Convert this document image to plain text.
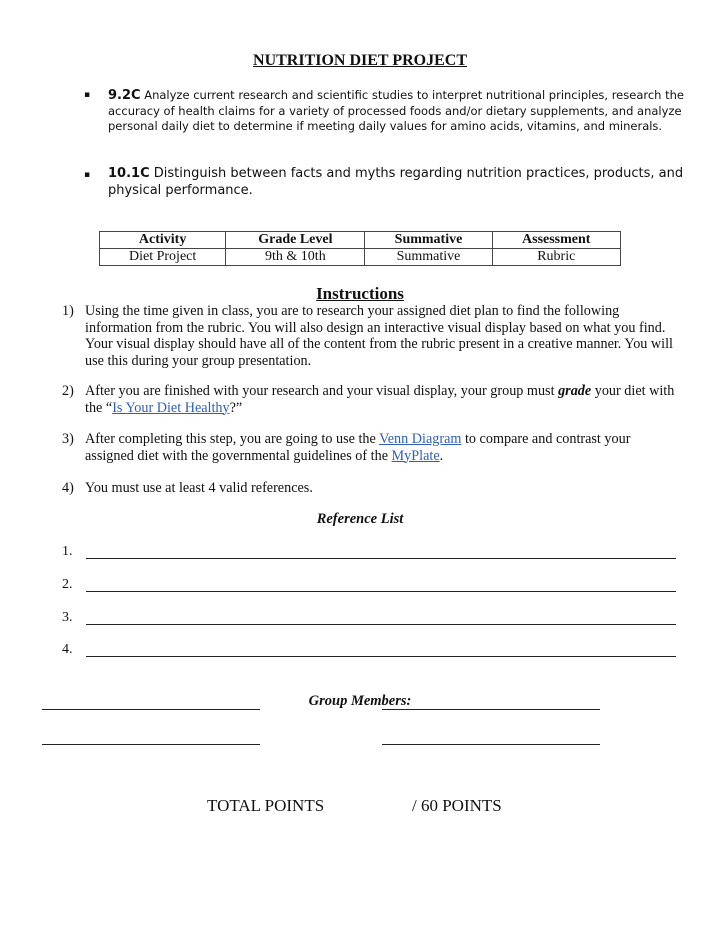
NUTRITION DIET PROJECT
▪ 9.2C Analyze current research and scientific studies to interpret nutritional principles, research the accuracy of health claims for a variety of processed foods and/or dietary supplements, and analyze personal daily diet to determine if meeting daily values for amino acids, vitamins, and minerals.
▪ 10.1C Distinguish between facts and myths regarding nutrition practices, products, and physical performance.
Activity	Grade Level	Summative	Assessment
Diet Project	9th & 10th	Summative	Rubric
Instructions
1) Using the time given in class, you are to research your assigned diet plan to find the following information from the rubric. You will also design an interactive visual display based on what you find. Your visual display should have all of the content from the rubric present in a creative manner. You will use this during your group presentation.
2) After you are finished with your research and your visual display, your group must grade your diet with the “Is Your Diet Healthy?”
3) After completing this step, you are going to use the Venn Diagram to compare and contrast your assigned diet with the governmental guidelines of the MyPlate.
4) You must use at least 4 valid references.
Reference List
1.
2.
3.
4.
Group Members:
TOTAL POINTS	/ 60 POINTS
